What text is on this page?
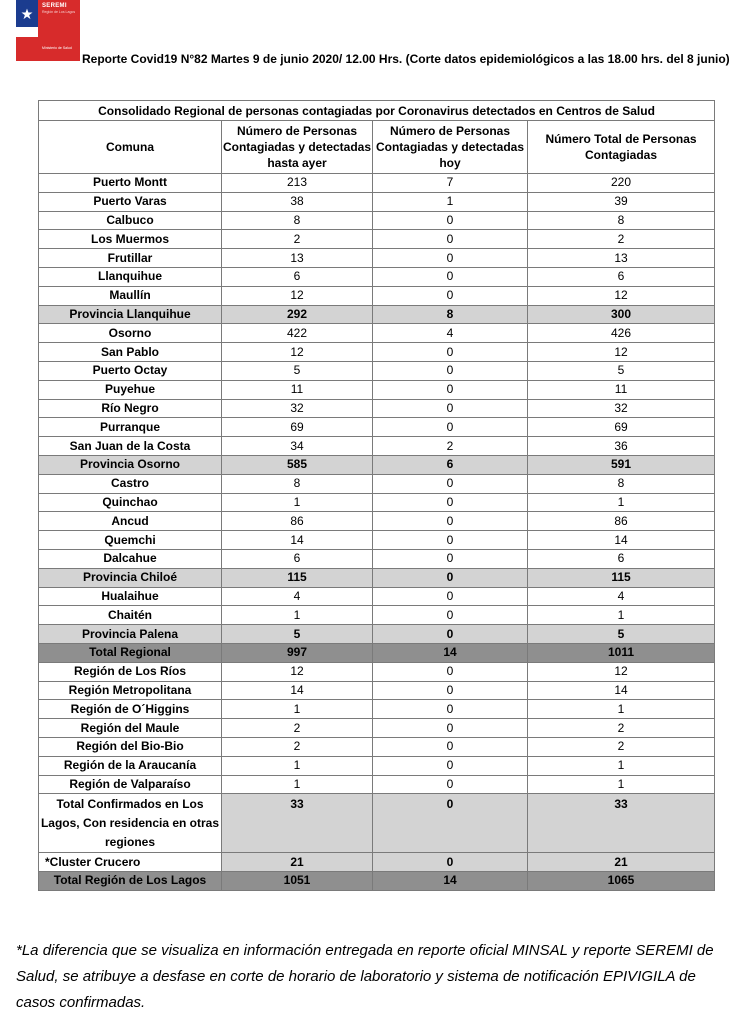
SEREMI
Región de Los Lagos
Ministerio de Salud
Reporte Covid19 N°82 Martes 9 de junio 2020/ 12.00 Hrs. (Corte datos epidemiológicos a las 18.00 hrs. del 8 junio)
Consolidado Regional de personas contagiadas por Coronavirus detectados en Centros de Salud			
Comuna	Número de Personas Contagiadas y detectadas hasta ayer	Número de Personas Contagiadas y detectadas hoy	Número Total de Personas Contagiadas
Puerto Montt	213	7	220
Puerto Varas	38	1	39
Calbuco	8	0	8
Los Muermos	2	0	2
Frutillar	13	0	13
Llanquihue	6	0	6
Maullín	12	0	12
Provincia Llanquihue	292	8	300
Osorno	422	4	426
San Pablo	12	0	12
Puerto Octay	5	0	5
Puyehue	11	0	11
Río Negro	32	0	32
Purranque	69	0	69
San Juan de la Costa	34	2	36
Provincia Osorno	585	6	591
Castro	8	0	8
Quinchao	1	0	1
Ancud	86	0	86
Quemchi	14	0	14
Dalcahue	6	0	6
Provincia Chiloé	115	0	115
Hualaihue	4	0	4
Chaitén	1	0	1
Provincia Palena	5	0	5
Total Regional	997	14	1011
Región de Los Ríos	12	0	12
Región Metropolitana	14	0	14
Región de O´Higgins	1	0	1
Región del Maule	2	0	2
Región del Bio-Bio	2	0	2
Región de la Araucanía	1	0	1
Región de Valparaíso	1	0	1
Total Confirmados en Los Lagos, Con residencia en otras regiones	33	0	33
*Cluster Crucero	21	0	21
Total Región de Los Lagos	1051	14	1065
*La diferencia que se visualiza en información entregada en reporte oficial MINSAL y reporte SEREMI de Salud, se atribuye a desfase en corte de horario de laboratorio y sistema de notificación EPIVIGILA de casos confirmadas.
